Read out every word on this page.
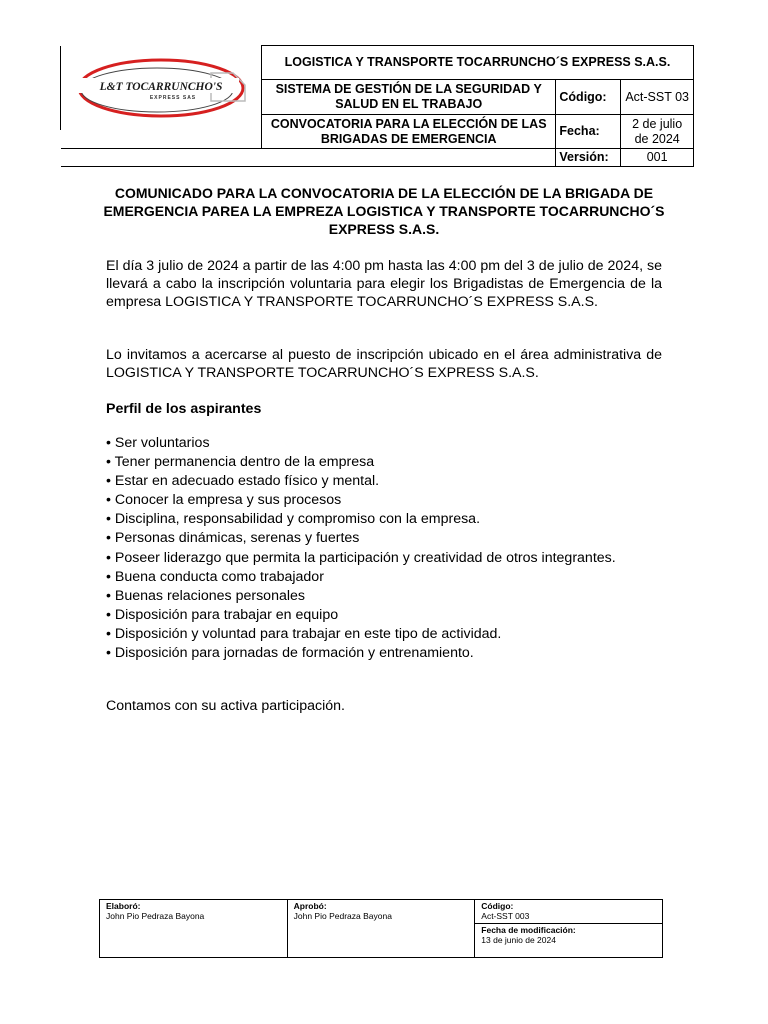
L&T TOCARRUNCHO'S
EXPRESS SAS	LOGISTICA Y TRANSPORTE TOCARRUNCHO´S EXPRESS S.A.S.		
	SISTEMA DE GESTIÓN DE LA SEGURIDAD Y SALUD EN EL TRABAJO	Código:	Act-SST 03
	CONVOCATORIA PARA LA ELECCIÓN DE LAS BRIGADAS DE EMERGENCIA	Fecha:	2 de julio de 2024

		Versión:	001
COMUNICADO PARA LA CONVOCATORIA DE LA ELECCIÓN DE LA BRIGADA DE EMERGENCIA PAREA LA EMPREZA LOGISTICA Y TRANSPORTE TOCARRUNCHO´S EXPRESS S.A.S.
El día 3 julio de 2024 a partir de las 4:00 pm hasta las 4:00 pm del 3 de julio de 2024, se llevará a cabo la inscripción voluntaria para elegir los Brigadistas de Emergencia de la empresa LOGISTICA Y TRANSPORTE TOCARRUNCHO´S EXPRESS S.A.S.
Lo invitamos a acercarse al puesto de inscripción ubicado en el área administrativa de LOGISTICA Y TRANSPORTE TOCARRUNCHO´S EXPRESS S.A.S.
Perfil de los aspirantes
• Ser voluntarios
• Tener permanencia dentro de la empresa
• Estar en adecuado estado físico y mental.
• Conocer la empresa y sus procesos
• Disciplina, responsabilidad y compromiso con la empresa.
• Personas dinámicas, serenas y fuertes
• Poseer liderazgo que permita la participación y creatividad de otros integrantes.
• Buena conducta como trabajador
• Buenas relaciones personales
• Disposición para trabajar en equipo
• Disposición y voluntad para trabajar en este tipo de actividad.
• Disposición para jornadas de formación y entrenamiento.
Contamos con su activa participación.
Elaboró:
John Pio Pedraza Bayona	
Aprobó:
John Pio Pedraza Bayona	
Código:
Act-SST 003

Fecha de modificación:
13 de junio de 2024
